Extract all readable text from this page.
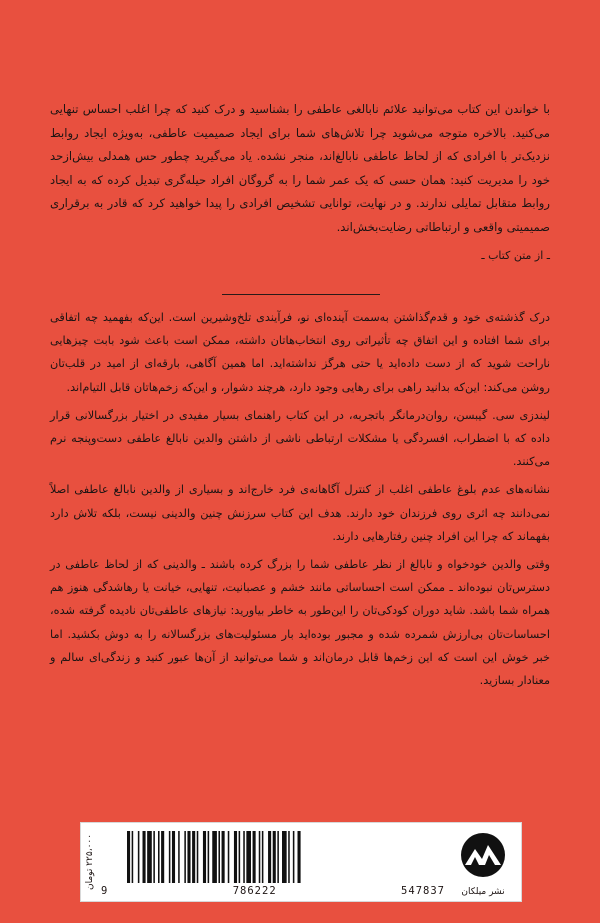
با خواندن این کتاب می‌توانید علائم نابالغی عاطفی را بشناسید و درک کنید که چرا اغلب احساس تنهایی می‌کنید. بالاخره متوجه می‌شوید چرا تلاش‌های شما برای ایجاد صمیمیت عاطفی، به‌ویژه ایجاد روابط نزدیک‌تر با افرادی که از لحاظ عاطفی نابالغ‌اند، منجر نشده. یاد می‌گیرید چطور حس همدلی بیش‌ازحد خود را مدیریت کنید: همان حسی که یک عمر شما را به گروگان افراد حیله‌گری تبدیل کرده که به ایجاد روابط متقابل تمایلی ندارند. و در نهایت، توانایی تشخیص افرادی را پیدا خواهید کرد که قادر به برقراری صمیمیتی واقعی و ارتباطاتی رضایت‌بخش‌اند.

ـ از متن کتاب ـ

درک گذشته‌ی خود و قدم‌گذاشتن به‌سمت آینده‌ای نو، فرآیندی تلخ‌وشیرین است. این‌که بفهمید چه اتفاقی برای شما افتاده و این اتفاق چه تأثیراتی روی انتخاب‌هاتان داشته، ممکن است باعث شود بابت چیزهایی ناراحت شوید که از دست داده‌اید یا حتی هرگز نداشته‌اید. اما همین آگاهی، بارقه‌ای از امید در قلب‌تان روشن می‌کند: این‌که بدانید راهی برای رهایی وجود دارد، هرچند دشوار، و این‌که زخم‌هاتان قابل التیام‌اند.

لیندزی سی. گیبسن، روان‌درمانگر باتجربه، در این کتاب راهنمای بسیار مفیدی در اختیار بزرگسالانی قرار داده که با اضطراب، افسردگی یا مشکلات ارتباطی ناشی از داشتن والدین نابالغ عاطفی دست‌وپنجه نرم می‌کنند.

نشانه‌های عدم بلوغ عاطفی اغلب از کنترل آگاهانه‌ی فرد خارج‌اند و بسیاری از والدین نابالغ عاطفی اصلاً نمی‌دانند چه اثری روی فرزندان خود دارند. هدف این کتاب سرزنش چنین والدینی نیست، بلکه تلاش دارد بفهماند که چرا این افراد چنین رفتارهایی دارند.

وقتی والدین خودخواه و نابالغ از نظر عاطفی شما را بزرگ کرده باشند ـ والدینی که از لحاظ عاطفی در دسترس‌تان نبوده‌اند ـ ممکن است احساساتی مانند خشم و عصبانیت، تنهایی، خیانت یا رهاشدگی هنوز هم همراه شما باشد. شاید دوران کودکی‌تان را این‌طور به خاطر بیاورید: نیازهای عاطفی‌تان نادیده گرفته شده، احساسات‌تان بی‌ارزش شمرده شده و مجبور بوده‌اید بار مسئولیت‌های بزرگسالانه را به دوش بکشید. اما خبر خوش این است که این زخم‌ها قابل درمان‌اند و شما می‌توانید از آن‌ها عبور کنید و زندگی‌ای سالم و معنادار بسازید.

۲۲۵،۰۰۰ تومان
9	786222	547837	نشر میلکان
